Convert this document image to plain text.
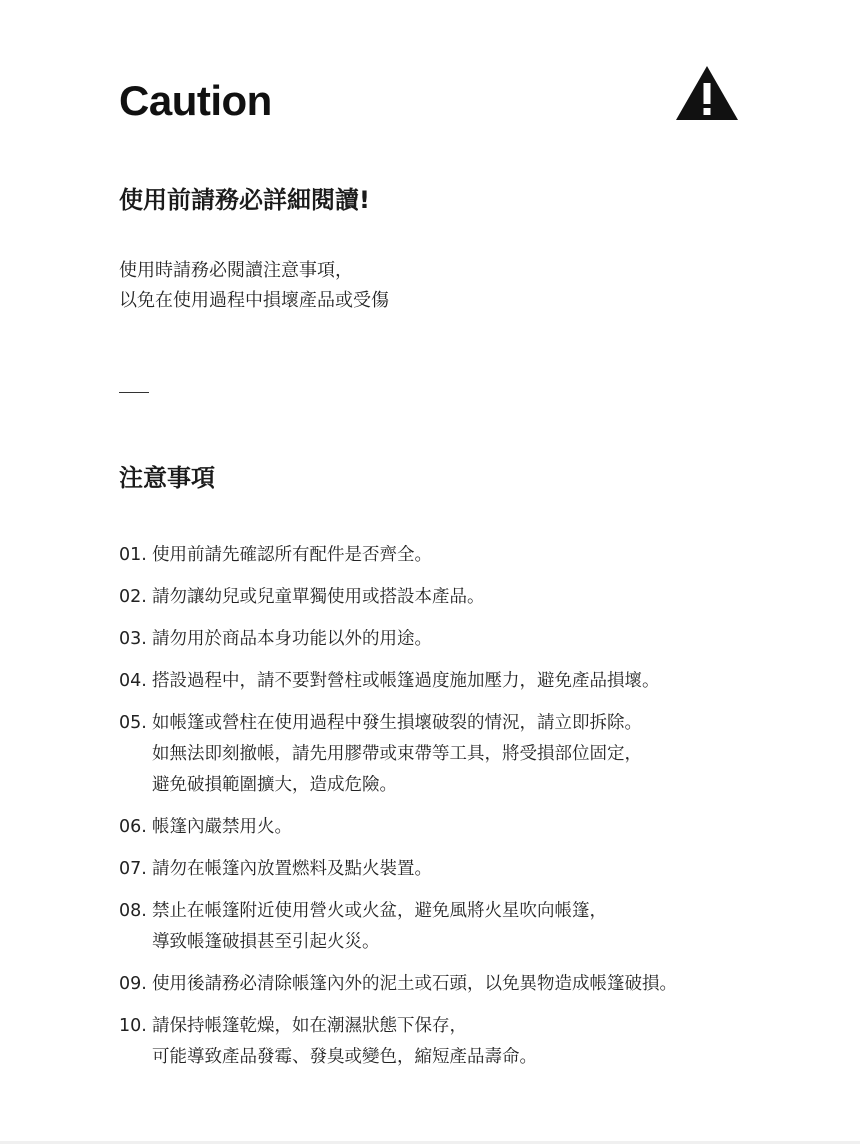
Caution
使用前請務必詳細閱讀!
使用時請務必閱讀注意事項，
以免在使用過程中損壞產品或受傷
注意事項
01. 使用前請先確認所有配件是否齊全。
02. 請勿讓幼兒或兒童單獨使用或搭設本產品。
03. 請勿用於商品本身功能以外的用途。
04. 搭設過程中，請不要對營柱或帳篷過度施加壓力，避免產品損壞。
05. 如帳篷或營柱在使用過程中發生損壞破裂的情況，請立即拆除。
如無法即刻撤帳，請先用膠帶或束帶等工具，將受損部位固定，
避免破損範圍擴大，造成危險。
06. 帳篷內嚴禁用火。
07. 請勿在帳篷內放置燃料及點火裝置。
08. 禁止在帳篷附近使用營火或火盆，避免風將火星吹向帳篷，
導致帳篷破損甚至引起火災。
09. 使用後請務必清除帳篷內外的泥土或石頭，以免異物造成帳篷破損。
10. 請保持帳篷乾燥，如在潮濕狀態下保存，
可能導致產品發霉、發臭或變色，縮短產品壽命。
